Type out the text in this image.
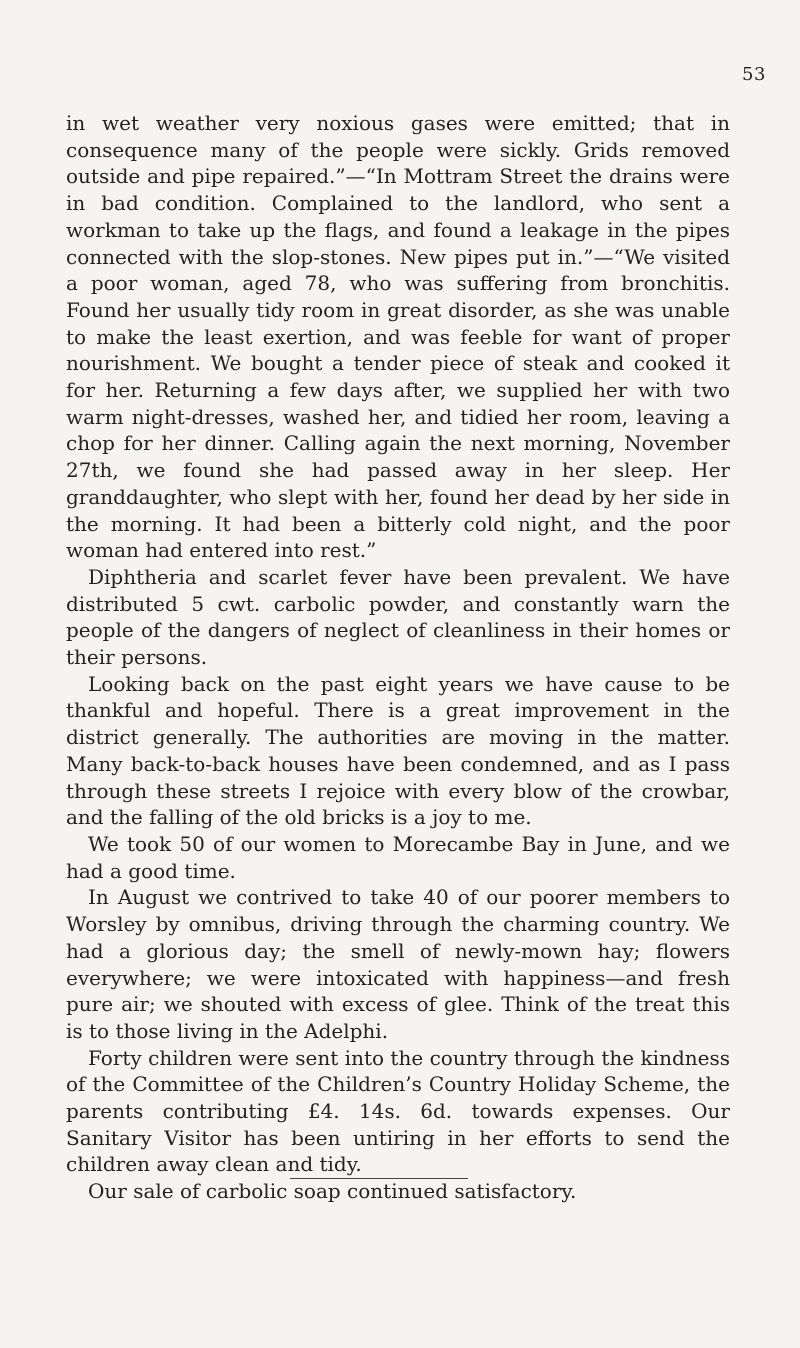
53

in wet weather very noxious gases were emitted; that in consequence many of the people were sickly. Grids removed outside and pipe repaired.”—“In Mottram Street the drains were in bad condition. Complained to the landlord, who sent a workman to take up the flags, and found a leakage in the pipes connected with the slop-stones. New pipes put in.”—“We visited a poor woman, aged 78, who was suffering from bronchitis. Found her usually tidy room in great disorder, as she was unable to make the least exertion, and was feeble for want of proper nourishment. We bought a tender piece of steak and cooked it for her. Returning a few days after, we supplied her with two warm night-dresses, washed her, and tidied her room, leaving a chop for her dinner. Calling again the next morning, November 27th, we found she had passed away in her sleep. Her granddaughter, who slept with her, found her dead by her side in the morning. It had been a bitterly cold night, and the poor woman had entered into rest.”

Diphtheria and scarlet fever have been prevalent. We have distributed 5 cwt. carbolic powder, and constantly warn the people of the dangers of neglect of cleanliness in their homes or their persons.

Looking back on the past eight years we have cause to be thankful and hopeful. There is a great improvement in the district generally. The authorities are moving in the matter. Many back-to-back houses have been condemned, and as I pass through these streets I rejoice with every blow of the crowbar, and the falling of the old bricks is a joy to me.

We took 50 of our women to Morecambe Bay in June, and we had a good time.

In August we contrived to take 40 of our poorer members to Worsley by omnibus, driving through the charming country. We had a glorious day; the smell of newly-mown hay; flowers everywhere; we were intoxicated with happiness—and fresh pure air; we shouted with excess of glee. Think of the treat this is to those living in the Adelphi.

Forty children were sent into the country through the kindness of the Committee of the Children’s Country Holiday Scheme, the parents contributing £4. 14s. 6d. towards expenses. Our Sanitary Visitor has been untiring in her efforts to send the children away clean and tidy.

Our sale of carbolic soap continued satisfactory.
